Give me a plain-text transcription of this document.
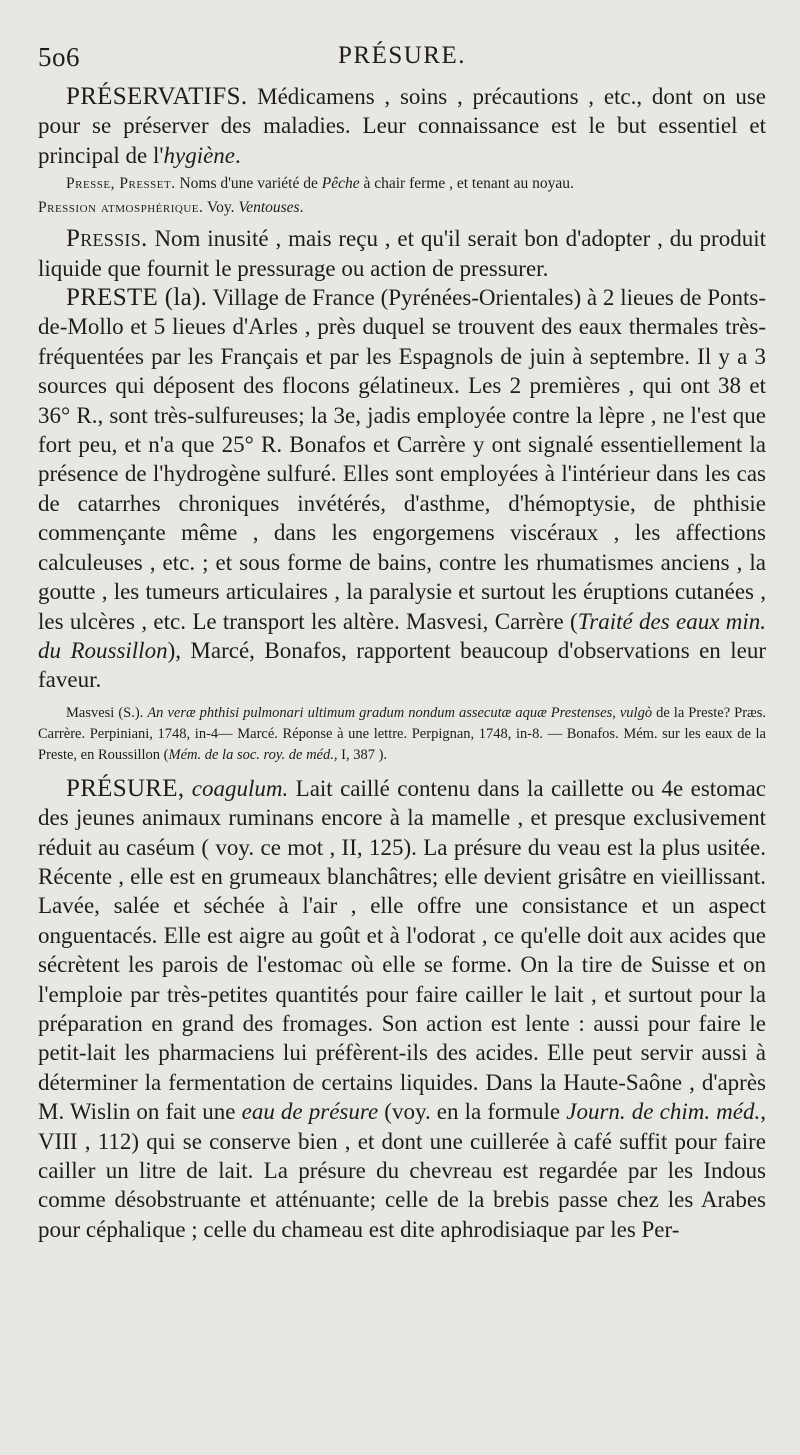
5o6	PRÉSURE.

PRÉSERVATIFS. Médicamens , soins , précautions , etc., dont on use pour se préserver des maladies. Leur connaissance est le but essentiel et principal de l'hygiène.

Presse, Presset. Noms d'une variété de Pêche à chair ferme , et tenant au noyau.

Pression atmosphérique. Voy. Ventouses.

Pressis. Nom inusité , mais reçu , et qu'il serait bon d'adopter , du produit liquide que fournit le pressurage ou action de pressurer.

PRESTE (la). Village de France (Pyrénées-Orientales) à 2 lieues de Ponts-de-Mollo et 5 lieues d'Arles , près duquel se trouvent des eaux thermales très-fréquentées par les Français et par les Espagnols de juin à septembre. Il y a 3 sources qui déposent des flocons gélatineux. Les 2 premières , qui ont 38 et 36° R., sont très-sulfureuses; la 3e, jadis employée contre la lèpre , ne l'est que fort peu, et n'a que 25° R. Bonafos et Carrère y ont signalé essentiellement la présence de l'hydrogène sulfuré. Elles sont employées à l'intérieur dans les cas de catarrhes chroniques invétérés, d'asthme, d'hémoptysie, de phthisie commençante même , dans les engorgemens viscéraux , les affections calculeuses , etc. ; et sous forme de bains, contre les rhumatismes anciens , la goutte , les tumeurs articulaires , la paralysie et surtout les éruptions cutanées , les ulcères , etc. Le transport les altère. Masvesi, Carrère (Traité des eaux min. du Roussillon), Marcé, Bonafos, rapportent beaucoup d'observations en leur faveur.

Masvesi (S.). An veræ phthisi pulmonari ultimum gradum nondum assecutæ aquæ Prestenses, vulgò de la Preste? Præs. Carrère. Perpiniani, 1748, in-4— Marcé. Réponse à une lettre. Perpignan, 1748, in-8. — Bonafos. Mém. sur les eaux de la Preste, en Roussillon (Mém. de la soc. roy. de méd., I, 387 ).

PRÉSURE, coagulum. Lait caillé contenu dans la caillette ou 4e estomac des jeunes animaux ruminans encore à la mamelle , et presque exclusivement réduit au caséum ( voy. ce mot , II, 125). La présure du veau est la plus usitée. Récente , elle est en grumeaux blanchâtres; elle devient grisâtre en vieillissant. Lavée, salée et séchée à l'air , elle offre une consistance et un aspect onguentacés. Elle est aigre au goût et à l'odorat , ce qu'elle doit aux acides que sécrètent les parois de l'estomac où elle se forme. On la tire de Suisse et on l'emploie par très-petites quantités pour faire cailler le lait , et surtout pour la préparation en grand des fromages. Son action est lente : aussi pour faire le petit-lait les pharmaciens lui préfèrent-ils des acides. Elle peut servir aussi à déterminer la fermentation de certains liquides. Dans la Haute-Saône , d'après M. Wislin on fait une eau de présure (voy. en la formule Journ. de chim. méd., VIII , 112) qui se conserve bien , et dont une cuillerée à café suffit pour faire cailler un litre de lait. La présure du chevreau est regardée par les Indous comme désobstruante et atténuante; celle de la brebis passe chez les Arabes pour céphalique ; celle du chameau est dite aphrodisiaque par les Per-
